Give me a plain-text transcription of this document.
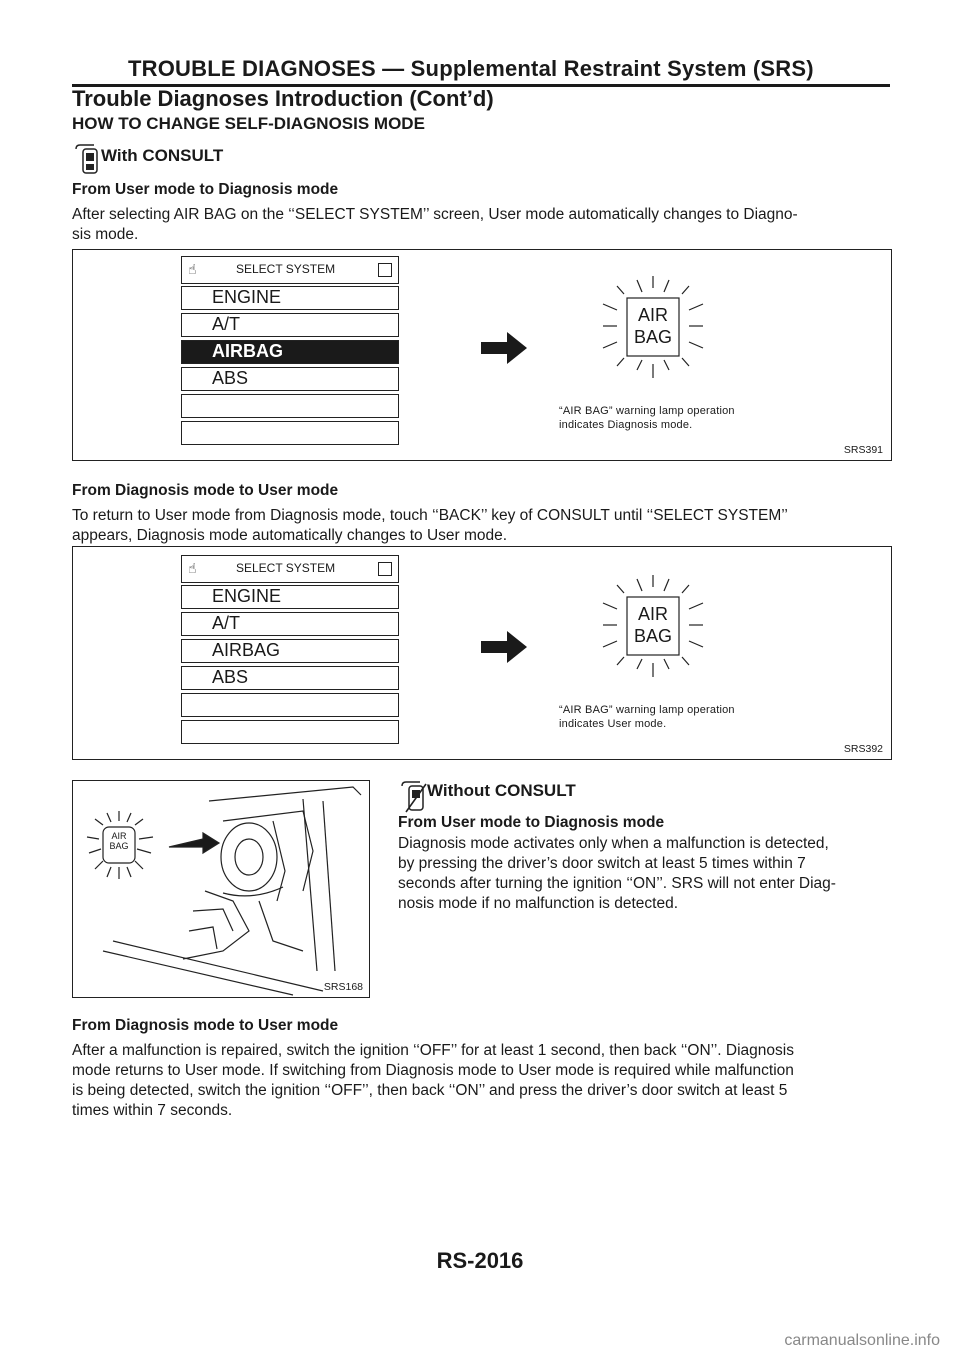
TROUBLE DIAGNOSES — Supplemental Restraint System (SRS)
Trouble Diagnoses Introduction (Cont’d)
HOW TO CHANGE SELF-DIAGNOSIS MODE
With CONSULT
From User mode to Diagnosis mode
After selecting AIR BAG on the ‘‘SELECT SYSTEM’’ screen, User mode automatically changes to Diagno-
sis mode.
☝	SELECT SYSTEM
ENGINE
A/T
AIRBAG
ABS
AIR
BAG
“AIR BAG” warning lamp operation
indicates Diagnosis mode.
SRS391
From Diagnosis mode to User mode
To return to User mode from Diagnosis mode, touch ‘‘BACK’’ key of CONSULT until ‘‘SELECT SYSTEM’’
appears, Diagnosis mode automatically changes to User mode.
☝	SELECT SYSTEM
ENGINE
A/T
AIRBAG
ABS
AIR
BAG
“AIR BAG” warning lamp operation
indicates User mode.
SRS392
AIR
BAG
SRS168
Without CONSULT
From User mode to Diagnosis mode
Diagnosis mode activates only when a malfunction is detected,
by pressing the driver’s door switch at least 5 times within 7
seconds after turning the ignition ‘‘ON’’. SRS will not enter Diag-
nosis mode if no malfunction is detected.
From Diagnosis mode to User mode
After a malfunction is repaired, switch the ignition ‘‘OFF’’ for at least 1 second, then back ‘‘ON’’. Diagnosis
mode returns to User mode. If switching from Diagnosis mode to User mode is required while malfunction
is being detected, switch the ignition ‘‘OFF’’, then back ‘‘ON’’ and press the driver’s door switch at least 5
times within 7 seconds.
RS-2016
carmanualsonline.info
